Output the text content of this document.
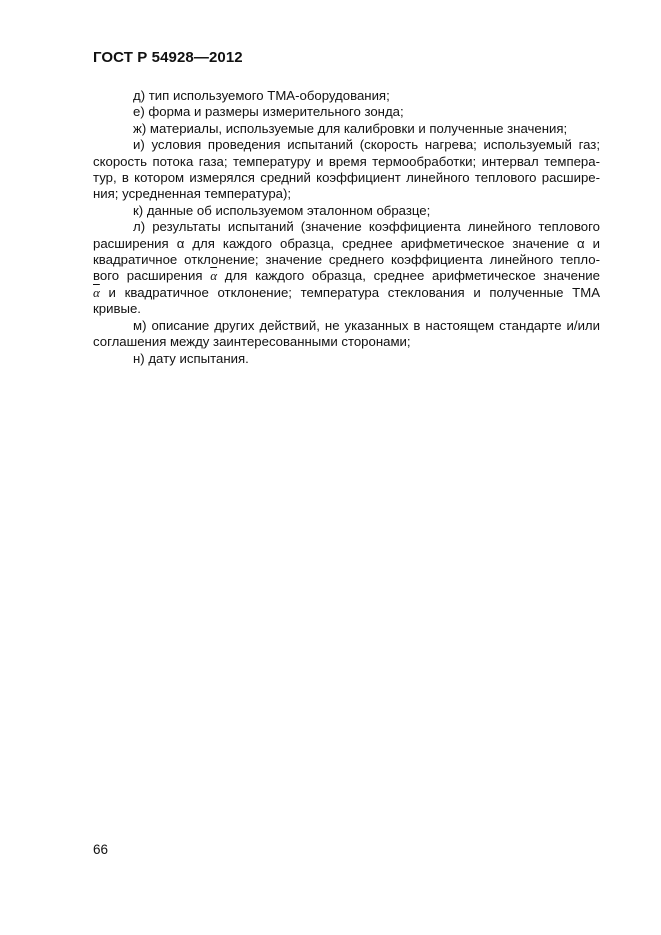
ГОСТ Р 54928—2012
д) тип используемого ТМА-оборудования;
е) форма и размеры измерительного зонда;
ж) материалы, используемые для калибровки и полученные значения;
и) условия проведения испытаний (скорость нагрева; используемый газ;
скорость потока газа; температуру и время термообработки; интервал темпера-
тур, в котором измерялся средний коэффициент линейного теплового расшире-
ния; усредненная температура);
к) данные об используемом эталонном образце;
л) результаты испытаний (значение коэффициента линейного теплового
расширения α для каждого образца, среднее арифметическое значение α и
квадратичное отклонение; значение среднего коэффициента линейного тепло-
вого расширения $\overline{\alpha}$ для каждого образца, среднее арифметическое значение
$\overline{\alpha}$ и квадратичное отклонение; температура стеклования и полученные ТМА
кривые.
м) описание других действий, не указанных в настоящем стандарте и/или
соглашения между заинтересованными сторонами;
н) дату испытания.
66
